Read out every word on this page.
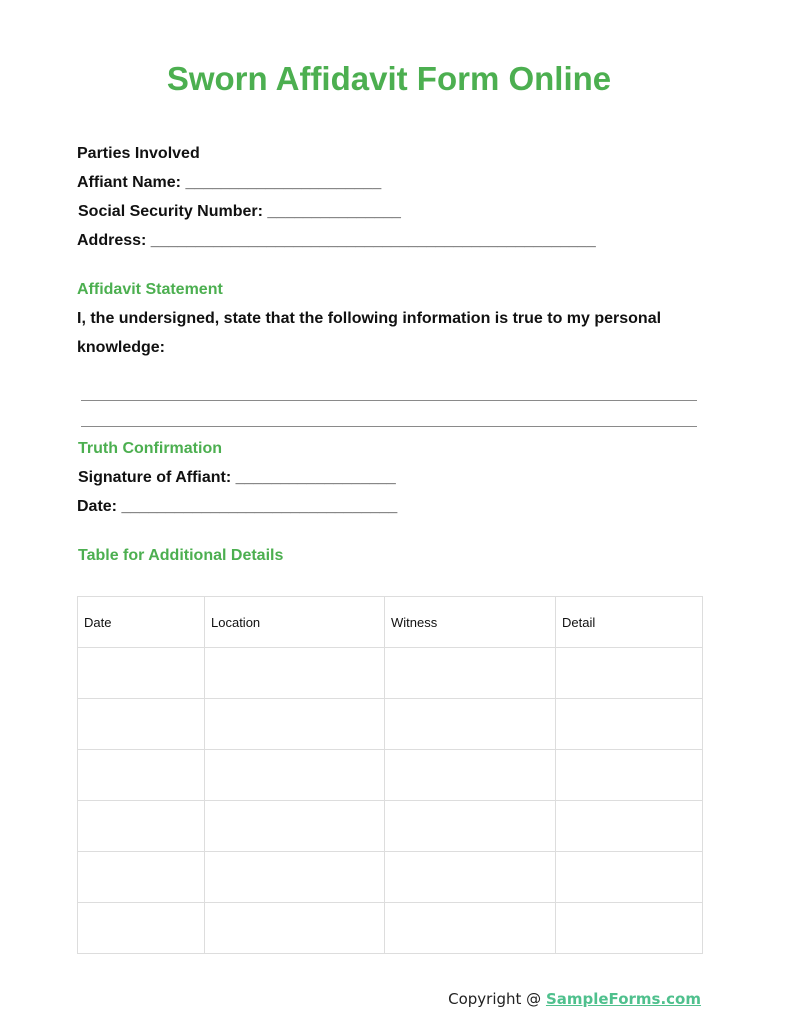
Sworn Affidavit Form Online
Parties Involved
Affiant Name: ______________________
Social Security Number: _______________
Address: __________________________________________________
Affidavit Statement
I, the undersigned, state that the following information is true to my personal
knowledge:
Truth Confirmation
Signature of Affiant: __________________
Date: _______________________________
Table for Additional Details
Date	Location	Witness	Detail

Copyright @ SampleForms.com
